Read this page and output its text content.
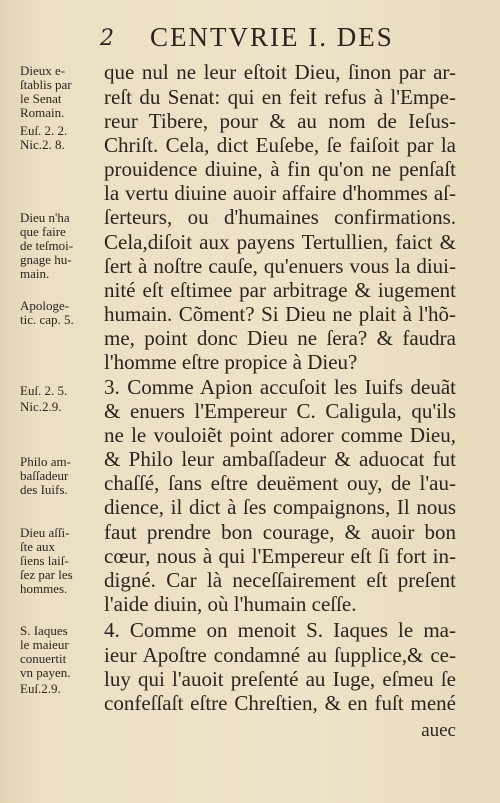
2 CENTVRIE I. DES
que nul ne leur eſtoit Dieu, ſinon par ar-
reſt du Senat: qui en feit refus à l'Empe-
reur Tibere, pour & au nom de Ieſus-
Chriſt. Cela, dict Euſebe, ſe faiſoit par la
prouidence diuine, à fin qu'on ne penſaſt
la vertu diuine auoir affaire d'hommes aſ-
ſerteurs, ou d'humaines confirmations.
Cela,diſoit aux payens Tertullien, faict &
ſert à noſtre cauſe, qu'enuers vous la diui-
nité eſt eſtimee par arbitrage & iugement
humain. Cõment? Si Dieu ne plait à l'hõ-
me, point donc Dieu ne ſera? & faudra
l'homme eſtre propice à Dieu?
3. Comme Apion accuſoit les Iuifs deuãt
& enuers l'Empereur C. Caligula, qu'ils
ne le vouloiẽt point adorer comme Dieu,
& Philo leur ambaſſadeur & aduocat fut
chaſſé, ſans eſtre deuëment ouy, de l'au-
dience, il dict à ſes compaignons, Il nous
faut prendre bon courage, & auoir bon
cœur, nous à qui l'Empereur eſt ſi fort in-
digné. Car là neceſſairement eſt preſent
l'aide diuin, où l'humain ceſſe.
4. Comme on menoit S. Iaques le ma-
ieur Apoſtre condamné au ſupplice,& ce-
luy qui l'auoit preſenté au Iuge, eſmeu ſe
confeſſaſt eſtre Chreſtien, & en fuſt mené
auec
Dieux e-
ſtablis par
le Senat
Romain.
Euſ. 2. 2.
Nic.2. 8.
Dieu n'ha
que faire
de teſmoi-
gnage hu-
main.
Apologe-
tic. cap. 5.
Euſ. 2. 5.
Nic.2.9.
Philo am-
baſſadeur
des Iuifs.
Dieu aſſi-
ſte aux
ſiens laiſ-
ſez par les
hommes.
S. Iaques
le maieur
conuertit
vn payen.
Euſ.2.9.
